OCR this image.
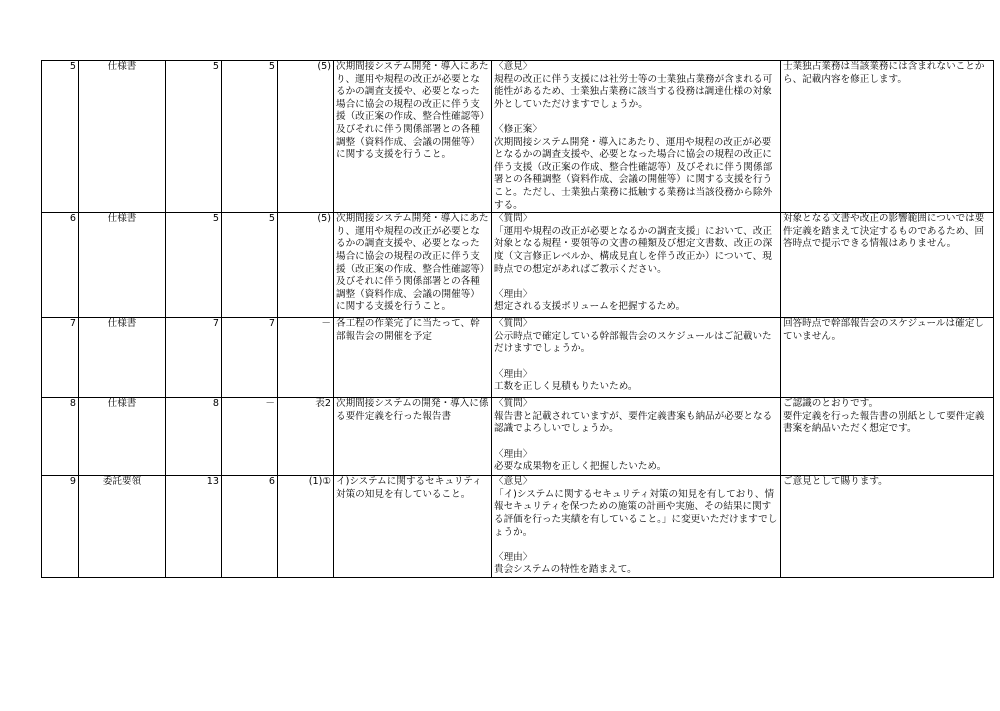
5	仕様書	5	5	(5)	次期間接システム開発・導入にあたり、運用や規程の改正が必要となるかの調査支援や、必要となった場合に協会の規程の改正に伴う支援（改正案の作成、整合性確認等）及びそれに伴う関係部署との各種調整（資料作成、会議の開催等）に関する支援を行うこと。	〈意見〉
規程の改正に伴う支援には社労士等の士業独占業務が含まれる可能性があるため、士業独占業務に該当する役務は調達仕様の対象外としていただけますでしょうか。

〈修正案〉
次期間接システム開発・導入にあたり、運用や規程の改正が必要となるかの調査支援や、必要となった場合に協会の規程の改正に伴う支援（改正案の作成、整合性確認等）及びそれに伴う関係部署との各種調整（資料作成、会議の開催等）に関する支援を行うこと。ただし、士業独占業務に抵触する業務は当該役務から除外する。	士業独占業務は当該業務には含まれないことから、記載内容を修正します。
6	仕様書	5	5	(5)	次期間接システム開発・導入にあたり、運用や規程の改正が必要となるかの調査支援や、必要となった場合に協会の規程の改正に伴う支援（改正案の作成、整合性確認等）及びそれに伴う関係部署との各種調整（資料作成、会議の開催等）に関する支援を行うこと。	〈質問〉
「運用や規程の改正が必要となるかの調査支援」において、改正対象となる規程・要領等の文書の種類及び想定文書数、改正の深度（文言修正レベルか、構成見直しを伴う改正か）について、現時点での想定があればご教示ください。

〈理由〉
想定される支援ボリュームを把握するため。	対象となる文書や改正の影響範囲についでは要件定義を踏まえて決定するものであるため、回答時点で提示できる情報はありません。
7	仕様書	7	7	－	各工程の作業完了に当たって、幹部報告会の開催を予定	〈質問〉
公示時点で確定している幹部報告会のスケジュールはご記載いただけますでしょうか。

〈理由〉
工数を正しく見積もりたいため。	回答時点で幹部報告会のスケジュールは確定していません。
8	仕様書	8	－	表2	次期間接システムの開発・導入に係る要件定義を行った報告書	〈質問〉
報告書と記載されていますが、要件定義書案も納品が必要となる認識でよろしいでしょうか。

〈理由〉
必要な成果物を正しく把握したいため。	ご認識のとおりです。
要件定義を行った報告書の別紙として要件定義書案を納品いただく想定です。
9	委託要領	13	6	(1)①	イ)システムに関するセキュリティ対策の知見を有していること。	〈意見〉
「イ)システムに関するセキュリティ対策の知見を有しており、情報セキュリティを保つための施策の計画や実施、その結果に関する評価を行った実績を有していること。」に変更いただけますでしょうか。

〈理由〉
貴会システムの特性を踏まえて。	ご意見として賜ります。
